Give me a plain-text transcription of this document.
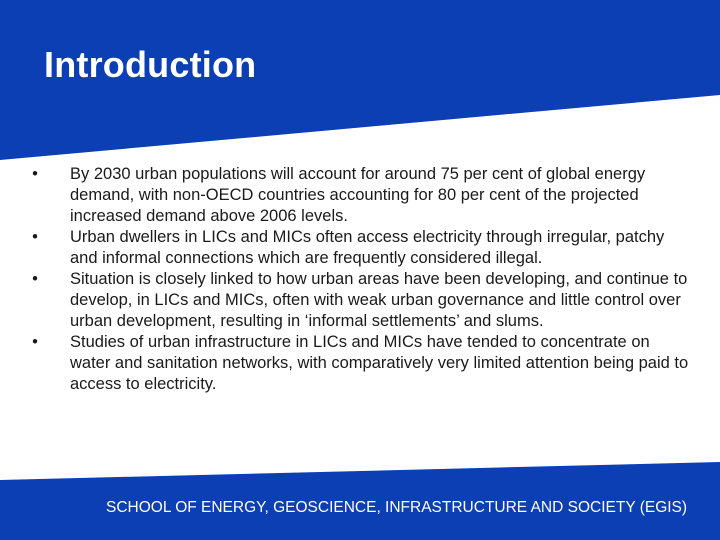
Introduction
• By 2030 urban populations will account for around 75 per cent of global energy demand, with non-OECD countries accounting for 80 per cent of the projected increased demand above 2006 levels.
• Urban dwellers in LICs and MICs often access electricity through irregular, patchy and informal connections which are frequently considered illegal.
• Situation is closely linked to how urban areas have been developing, and continue to develop, in LICs and MICs, often with weak urban governance and little control over urban development, resulting in ‘informal settlements’ and slums.
• Studies of urban infrastructure in LICs and MICs have tended to concentrate on water and sanitation networks, with comparatively very limited attention being paid to access to electricity.

SCHOOL OF ENERGY, GEOSCIENCE, INFRASTRUCTURE AND SOCIETY (EGIS)
